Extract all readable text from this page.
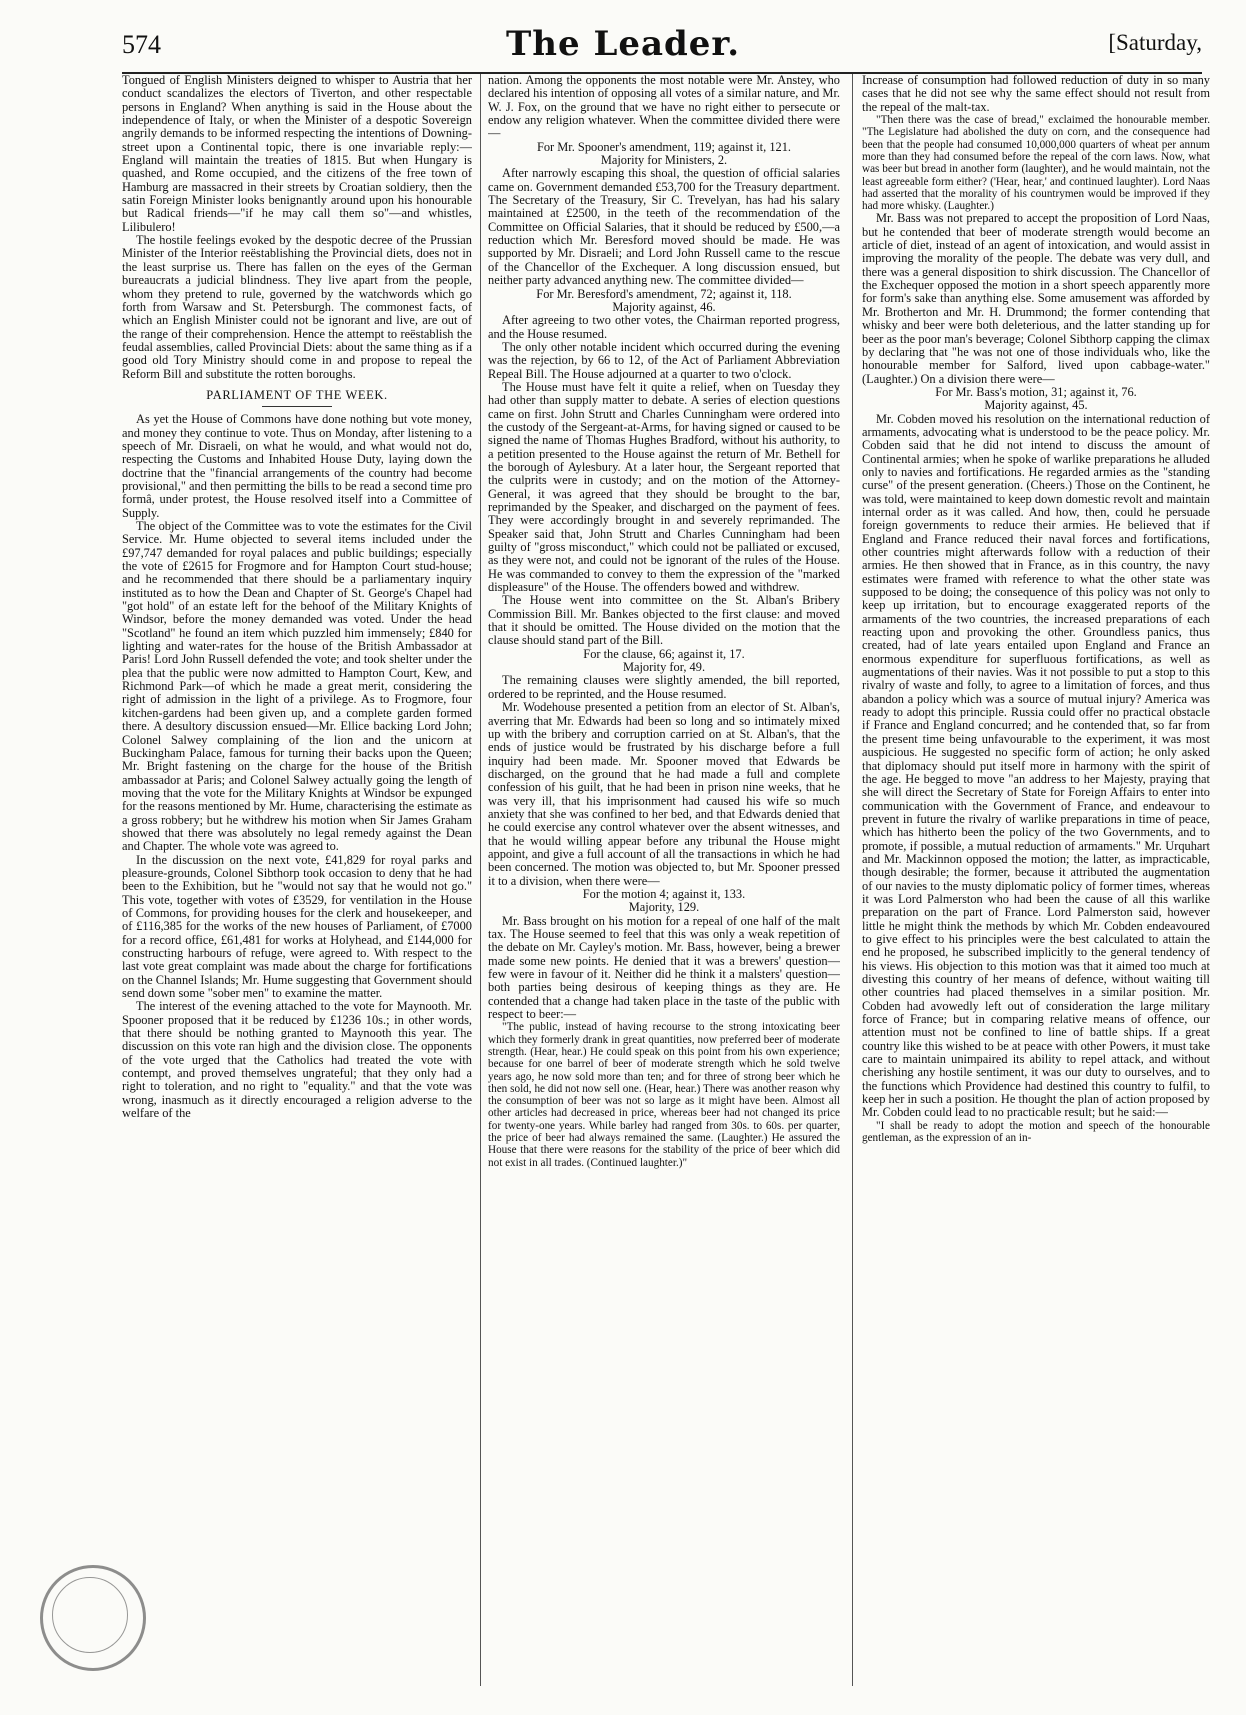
574	The Leader.	[Saturday,

Tongued of English Ministers deigned to whisper to Austria that her conduct scandalizes the electors of Tiverton, and other respectable persons in England? When anything is said in the House about the independence of Italy, or when the Minister of a despotic Sovereign angrily demands to be informed respecting the intentions of Downing-street upon a Continental topic, there is one invariable reply:—England will maintain the treaties of 1815. But when Hungary is quashed, and Rome occupied, and the citizens of the free town of Hamburg are massacred in their streets by Croatian soldiery, then the satin Foreign Minister looks benignantly around upon his honourable but Radical friends—"if he may call them so"—and whistles, Lilibulero!

The hostile feelings evoked by the despotic decree of the Prussian Minister of the Interior reëstablishing the Provincial diets, does not in the least surprise us. There has fallen on the eyes of the German bureaucrats a judicial blindness. They live apart from the people, whom they pretend to rule, governed by the watchwords which go forth from Warsaw and St. Petersburgh. The commonest facts, of which an English Minister could not be ignorant and live, are out of the range of their comprehension. Hence the attempt to reëstablish the feudal assemblies, called Provincial Diets: about the same thing as if a good old Tory Ministry should come in and propose to repeal the Reform Bill and substitute the rotten boroughs.

PARLIAMENT OF THE WEEK.

As yet the House of Commons have done nothing but vote money, and money they continue to vote. Thus on Monday, after listening to a speech of Mr. Disraeli, on what he would, and what would not do, respecting the Customs and Inhabited House Duty, laying down the doctrine that the "financial arrangements of the country had become provisional," and then permitting the bills to be read a second time pro formâ, under protest, the House resolved itself into a Committee of Supply.

The object of the Committee was to vote the estimates for the Civil Service. Mr. Hume objected to several items included under the £97,747 demanded for royal palaces and public buildings; especially the vote of £2615 for Frogmore and for Hampton Court stud-house; and he recommended that there should be a parliamentary inquiry instituted as to how the Dean and Chapter of St. George's Chapel had "got hold" of an estate left for the behoof of the Military Knights of Windsor, before the money demanded was voted. Under the head "Scotland" he found an item which puzzled him immensely; £840 for lighting and water-rates for the house of the British Ambassador at Paris! Lord John Russell defended the vote; and took shelter under the plea that the public were now admitted to Hampton Court, Kew, and Richmond Park—of which he made a great merit, considering the right of admission in the light of a privilege. As to Frogmore, four kitchen-gardens had been given up, and a complete garden formed there. A desultory discussion ensued—Mr. Ellice backing Lord John; Colonel Salwey complaining of the lion and the unicorn at Buckingham Palace, famous for turning their backs upon the Queen; Mr. Bright fastening on the charge for the house of the British ambassador at Paris; and Colonel Salwey actually going the length of moving that the vote for the Military Knights at Windsor be expunged for the reasons mentioned by Mr. Hume, characterising the estimate as a gross robbery; but he withdrew his motion when Sir James Graham showed that there was absolutely no legal remedy against the Dean and Chapter. The whole vote was agreed to.

In the discussion on the next vote, £41,829 for royal parks and pleasure-grounds, Colonel Sibthorp took occasion to deny that he had been to the Exhibition, but he "would not say that he would not go." This vote, together with votes of £3529, for ventilation in the House of Commons, for providing houses for the clerk and housekeeper, and of £116,385 for the works of the new houses of Parliament, of £7000 for a record office, £61,481 for works at Holyhead, and £144,000 for constructing harbours of refuge, were agreed to. With respect to the last vote great complaint was made about the charge for fortifications on the Channel Islands; Mr. Hume suggesting that Government should send down some "sober men" to examine the matter.

The interest of the evening attached to the vote for Maynooth. Mr. Spooner proposed that it be reduced by £1236 10s.; in other words, that there should be nothing granted to Maynooth this year. The discussion on this vote ran high and the division close. The opponents of the vote urged that the Catholics had treated the vote with contempt, and proved themselves ungrateful; that they only had a right to toleration, and no right to "equality." and that the vote was wrong, inasmuch as it directly encouraged a religion adverse to the welfare of the

nation. Among the opponents the most notable were Mr. Anstey, who declared his intention of opposing all votes of a similar nature, and Mr. W. J. Fox, on the ground that we have no right either to persecute or endow any religion whatever. When the committee divided there were—

For Mr. Spooner's amendment, 119; against it, 121.

Majority for Ministers, 2.

After narrowly escaping this shoal, the question of official salaries came on. Government demanded £53,700 for the Treasury department. The Secretary of the Treasury, Sir C. Trevelyan, has had his salary maintained at £2500, in the teeth of the recommendation of the Committee on Official Salaries, that it should be reduced by £500,—a reduction which Mr. Beresford moved should be made. He was supported by Mr. Disraeli; and Lord John Russell came to the rescue of the Chancellor of the Exchequer. A long discussion ensued, but neither party advanced anything new. The committee divided—

For Mr. Beresford's amendment, 72; against it, 118.

Majority against, 46.

After agreeing to two other votes, the Chairman reported progress, and the House resumed.

The only other notable incident which occurred during the evening was the rejection, by 66 to 12, of the Act of Parliament Abbreviation Repeal Bill. The House adjourned at a quarter to two o'clock.

The House must have felt it quite a relief, when on Tuesday they had other than supply matter to debate. A series of election questions came on first. John Strutt and Charles Cunningham were ordered into the custody of the Sergeant-at-Arms, for having signed or caused to be signed the name of Thomas Hughes Bradford, without his authority, to a petition presented to the House against the return of Mr. Bethell for the borough of Aylesbury. At a later hour, the Sergeant reported that the culprits were in custody; and on the motion of the Attorney-General, it was agreed that they should be brought to the bar, reprimanded by the Speaker, and discharged on the payment of fees. They were accordingly brought in and severely reprimanded. The Speaker said that, John Strutt and Charles Cunningham had been guilty of "gross misconduct," which could not be palliated or excused, as they were not, and could not be ignorant of the rules of the House. He was commanded to convey to them the expression of the "marked displeasure" of the House. The offenders bowed and withdrew.

The House went into committee on the St. Alban's Bribery Commission Bill. Mr. Bankes objected to the first clause: and moved that it should be omitted. The House divided on the motion that the clause should stand part of the Bill.

For the clause, 66; against it, 17.

Majority for, 49.

The remaining clauses were slightly amended, the bill reported, ordered to be reprinted, and the House resumed.

Mr. Wodehouse presented a petition from an elector of St. Alban's, averring that Mr. Edwards had been so long and so intimately mixed up with the bribery and corruption carried on at St. Alban's, that the ends of justice would be frustrated by his discharge before a full inquiry had been made. Mr. Spooner moved that Edwards be discharged, on the ground that he had made a full and complete confession of his guilt, that he had been in prison nine weeks, that he was very ill, that his imprisonment had caused his wife so much anxiety that she was confined to her bed, and that Edwards denied that he could exercise any control whatever over the absent witnesses, and that he would willing appear before any tribunal the House might appoint, and give a full account of all the transactions in which he had been concerned. The motion was objected to, but Mr. Spooner pressed it to a division, when there were—

For the motion 4; against it, 133.

Majority, 129.

Mr. Bass brought on his motion for a repeal of one half of the malt tax. The House seemed to feel that this was only a weak repetition of the debate on Mr. Cayley's motion. Mr. Bass, however, being a brewer made some new points. He denied that it was a brewers' question—few were in favour of it. Neither did he think it a malsters' question—both parties being desirous of keeping things as they are. He contended that a change had taken place in the taste of the public with respect to beer:—

"The public, instead of having recourse to the strong intoxicating beer which they formerly drank in great quantities, now preferred beer of moderate strength. (Hear, hear.) He could speak on this point from his own experience; because for one barrel of beer of moderate strength which he sold twelve years ago, he now sold more than ten; and for three of strong beer which he then sold, he did not now sell one. (Hear, hear.) There was another reason why the consumption of beer was not so large as it might have been. Almost all other articles had decreased in price, whereas beer had not changed its price for twenty-one years. While barley had ranged from 30s. to 60s. per quarter, the price of beer had always remained the same. (Laughter.) He assured the House that there were reasons for the stability of the price of beer which did not exist in all trades. (Continued laughter.)"

Increase of consumption had followed reduction of duty in so many cases that he did not see why the same effect should not result from the repeal of the malt-tax.

"Then there was the case of bread," exclaimed the honourable member. "The Legislature had abolished the duty on corn, and the consequence had been that the people had consumed 10,000,000 quarters of wheat per annum more than they had consumed before the repeal of the corn laws. Now, what was beer but bread in another form (laughter), and he would maintain, not the least agreeable form either? ('Hear, hear,' and continued laughter). Lord Naas had asserted that the morality of his countrymen would be improved if they had more whisky. (Laughter.)

Mr. Bass was not prepared to accept the proposition of Lord Naas, but he contended that beer of moderate strength would become an article of diet, instead of an agent of intoxication, and would assist in improving the morality of the people. The debate was very dull, and there was a general disposition to shirk discussion. The Chancellor of the Exchequer opposed the motion in a short speech apparently more for form's sake than anything else. Some amusement was afforded by Mr. Brotherton and Mr. H. Drummond; the former contending that whisky and beer were both deleterious, and the latter standing up for beer as the poor man's beverage; Colonel Sibthorp capping the climax by declaring that "he was not one of those individuals who, like the honourable member for Salford, lived upon cabbage-water." (Laughter.) On a division there were—

For Mr. Bass's motion, 31; against it, 76.

Majority against, 45.

Mr. Cobden moved his resolution on the international reduction of armaments, advocating what is understood to be the peace policy. Mr. Cobden said that he did not intend to discuss the amount of Continental armies; when he spoke of warlike preparations he alluded only to navies and fortifications. He regarded armies as the "standing curse" of the present generation. (Cheers.) Those on the Continent, he was told, were maintained to keep down domestic revolt and maintain internal order as it was called. And how, then, could he persuade foreign governments to reduce their armies. He believed that if England and France reduced their naval forces and fortifications, other countries might afterwards follow with a reduction of their armies. He then showed that in France, as in this country, the navy estimates were framed with reference to what the other state was supposed to be doing; the consequence of this policy was not only to keep up irritation, but to encourage exaggerated reports of the armaments of the two countries, the increased preparations of each reacting upon and provoking the other. Groundless panics, thus created, had of late years entailed upon England and France an enormous expenditure for superfluous fortifications, as well as augmentations of their navies. Was it not possible to put a stop to this rivalry of waste and folly, to agree to a limitation of forces, and thus abandon a policy which was a source of mutual injury? America was ready to adopt this principle. Russia could offer no practical obstacle if France and England concurred; and he contended that, so far from the present time being unfavourable to the experiment, it was most auspicious. He suggested no specific form of action; he only asked that diplomacy should put itself more in harmony with the spirit of the age. He begged to move "an address to her Majesty, praying that she will direct the Secretary of State for Foreign Affairs to enter into communication with the Government of France, and endeavour to prevent in future the rivalry of warlike preparations in time of peace, which has hitherto been the policy of the two Governments, and to promote, if possible, a mutual reduction of armaments." Mr. Urquhart and Mr. Mackinnon opposed the motion; the latter, as impracticable, though desirable; the former, because it attributed the augmentation of our navies to the musty diplomatic policy of former times, whereas it was Lord Palmerston who had been the cause of all this warlike preparation on the part of France. Lord Palmerston said, however little he might think the methods by which Mr. Cobden endeavoured to give effect to his principles were the best calculated to attain the end he proposed, he subscribed implicitly to the general tendency of his views. His objection to this motion was that it aimed too much at divesting this country of her means of defence, without waiting till other countries had placed themselves in a similar position. Mr. Cobden had avowedly left out of consideration the large military force of France; but in comparing relative means of offence, our attention must not be confined to line of battle ships. If a great country like this wished to be at peace with other Powers, it must take care to maintain unimpaired its ability to repel attack, and without cherishing any hostile sentiment, it was our duty to ourselves, and to the functions which Providence had destined this country to fulfil, to keep her in such a position. He thought the plan of action proposed by Mr. Cobden could lead to no practicable result; but he said:—

"I shall be ready to adopt the motion and speech of the honourable gentleman, as the expression of an in-
